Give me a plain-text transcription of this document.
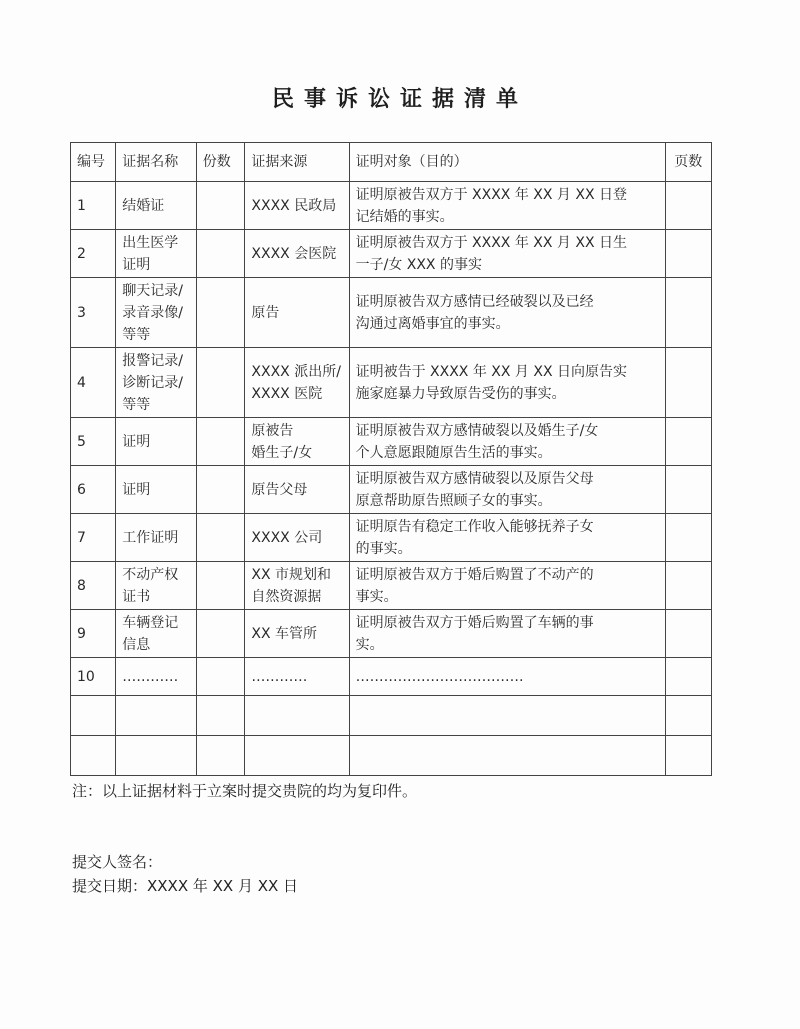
民事诉讼证据清单
编号	证据名称	份数	证据来源	证明对象（目的）	页数
1	结婚证		XXXX 民政局	证明原被告双方于 XXXX 年 XX 月 XX 日登
记结婚的事实。	
2	出生医学
证明		XXXX 会医院	证明原被告双方于 XXXX 年 XX 月 XX 日生
一子/女 XXX 的事实	
3	聊天记录/
录音录像/
等等		原告	证明原被告双方感情已经破裂以及已经
沟通过离婚事宜的事实。	
4	报警记录/
诊断记录/
等等		XXXX 派出所/
XXXX 医院	证明被告于 XXXX 年 XX 月 XX 日向原告实
施家庭暴力导致原告受伤的事实。	
5	证明		原被告
婚生子/女	证明原被告双方感情破裂以及婚生子/女
个人意愿跟随原告生活的事实。	
6	证明		原告父母	证明原被告双方感情破裂以及原告父母
原意帮助原告照顾子女的事实。	
7	工作证明		XXXX 公司	证明原告有稳定工作收入能够抚养子女
的事实。	
8	不动产权
证书		XX 市规划和
自然资源据	证明原被告双方于婚后购置了不动产的
事实。	
9	车辆登记
信息		XX 车管所	证明原被告双方于婚后购置了车辆的事
实。	
10	…………		…………	………………………………	

注：以上证据材料于立案时提交贵院的均为复印件。
提交人签名：
提交日期：XXXX 年 XX 月 XX 日
